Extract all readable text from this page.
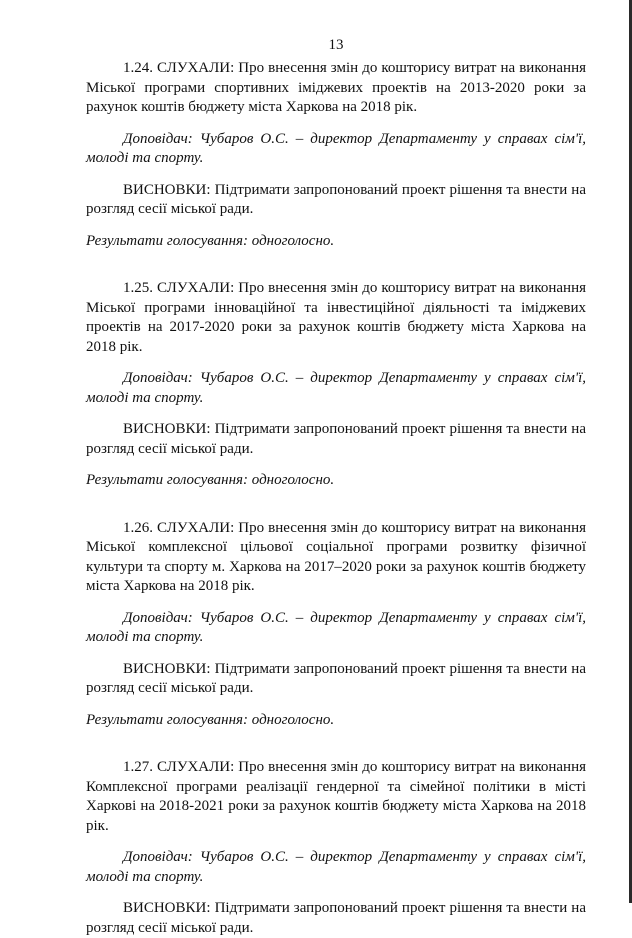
13

1.24. СЛУХАЛИ: Про внесення змін до кошторису витрат на виконання Міської програми спортивних іміджевих проектів на 2013-2020 роки за рахунок коштів бюджету міста Харкова на 2018 рік.

Доповідач: Чубаров О.С. – директор Департаменту у справах сім'ї, молоді та спорту.

ВИСНОВКИ: Підтримати запропонований проект рішення та внести на розгляд сесії міської ради.

Результати голосування: одноголосно.

1.25. СЛУХАЛИ: Про внесення змін до кошторису витрат на виконання Міської програми інноваційної та інвестиційної діяльності та іміджевих проектів на 2017-2020 роки за рахунок коштів бюджету міста Харкова на 2018 рік.

Доповідач: Чубаров О.С. – директор Департаменту у справах сім'ї, молоді та спорту.

ВИСНОВКИ: Підтримати запропонований проект рішення та внести на розгляд сесії міської ради.

Результати голосування: одноголосно.

1.26. СЛУХАЛИ: Про внесення змін до кошторису витрат на виконання Міської комплексної цільової соціальної програми розвитку фізичної культури та спорту м. Харкова на 2017–2020 роки за рахунок коштів бюджету міста Харкова на 2018 рік.

Доповідач: Чубаров О.С. – директор Департаменту у справах сім'ї, молоді та спорту.

ВИСНОВКИ: Підтримати запропонований проект рішення та внести на розгляд сесії міської ради.

Результати голосування: одноголосно.

1.27. СЛУХАЛИ: Про внесення змін до кошторису витрат на виконання Комплексної програми реалізації гендерної та сімейної політики в місті Харкові на 2018-2021 роки за рахунок коштів бюджету міста Харкова на 2018 рік.

Доповідач: Чубаров О.С. – директор Департаменту у справах сім'ї, молоді та спорту.

ВИСНОВКИ: Підтримати запропонований проект рішення та внести на розгляд сесії міської ради.
